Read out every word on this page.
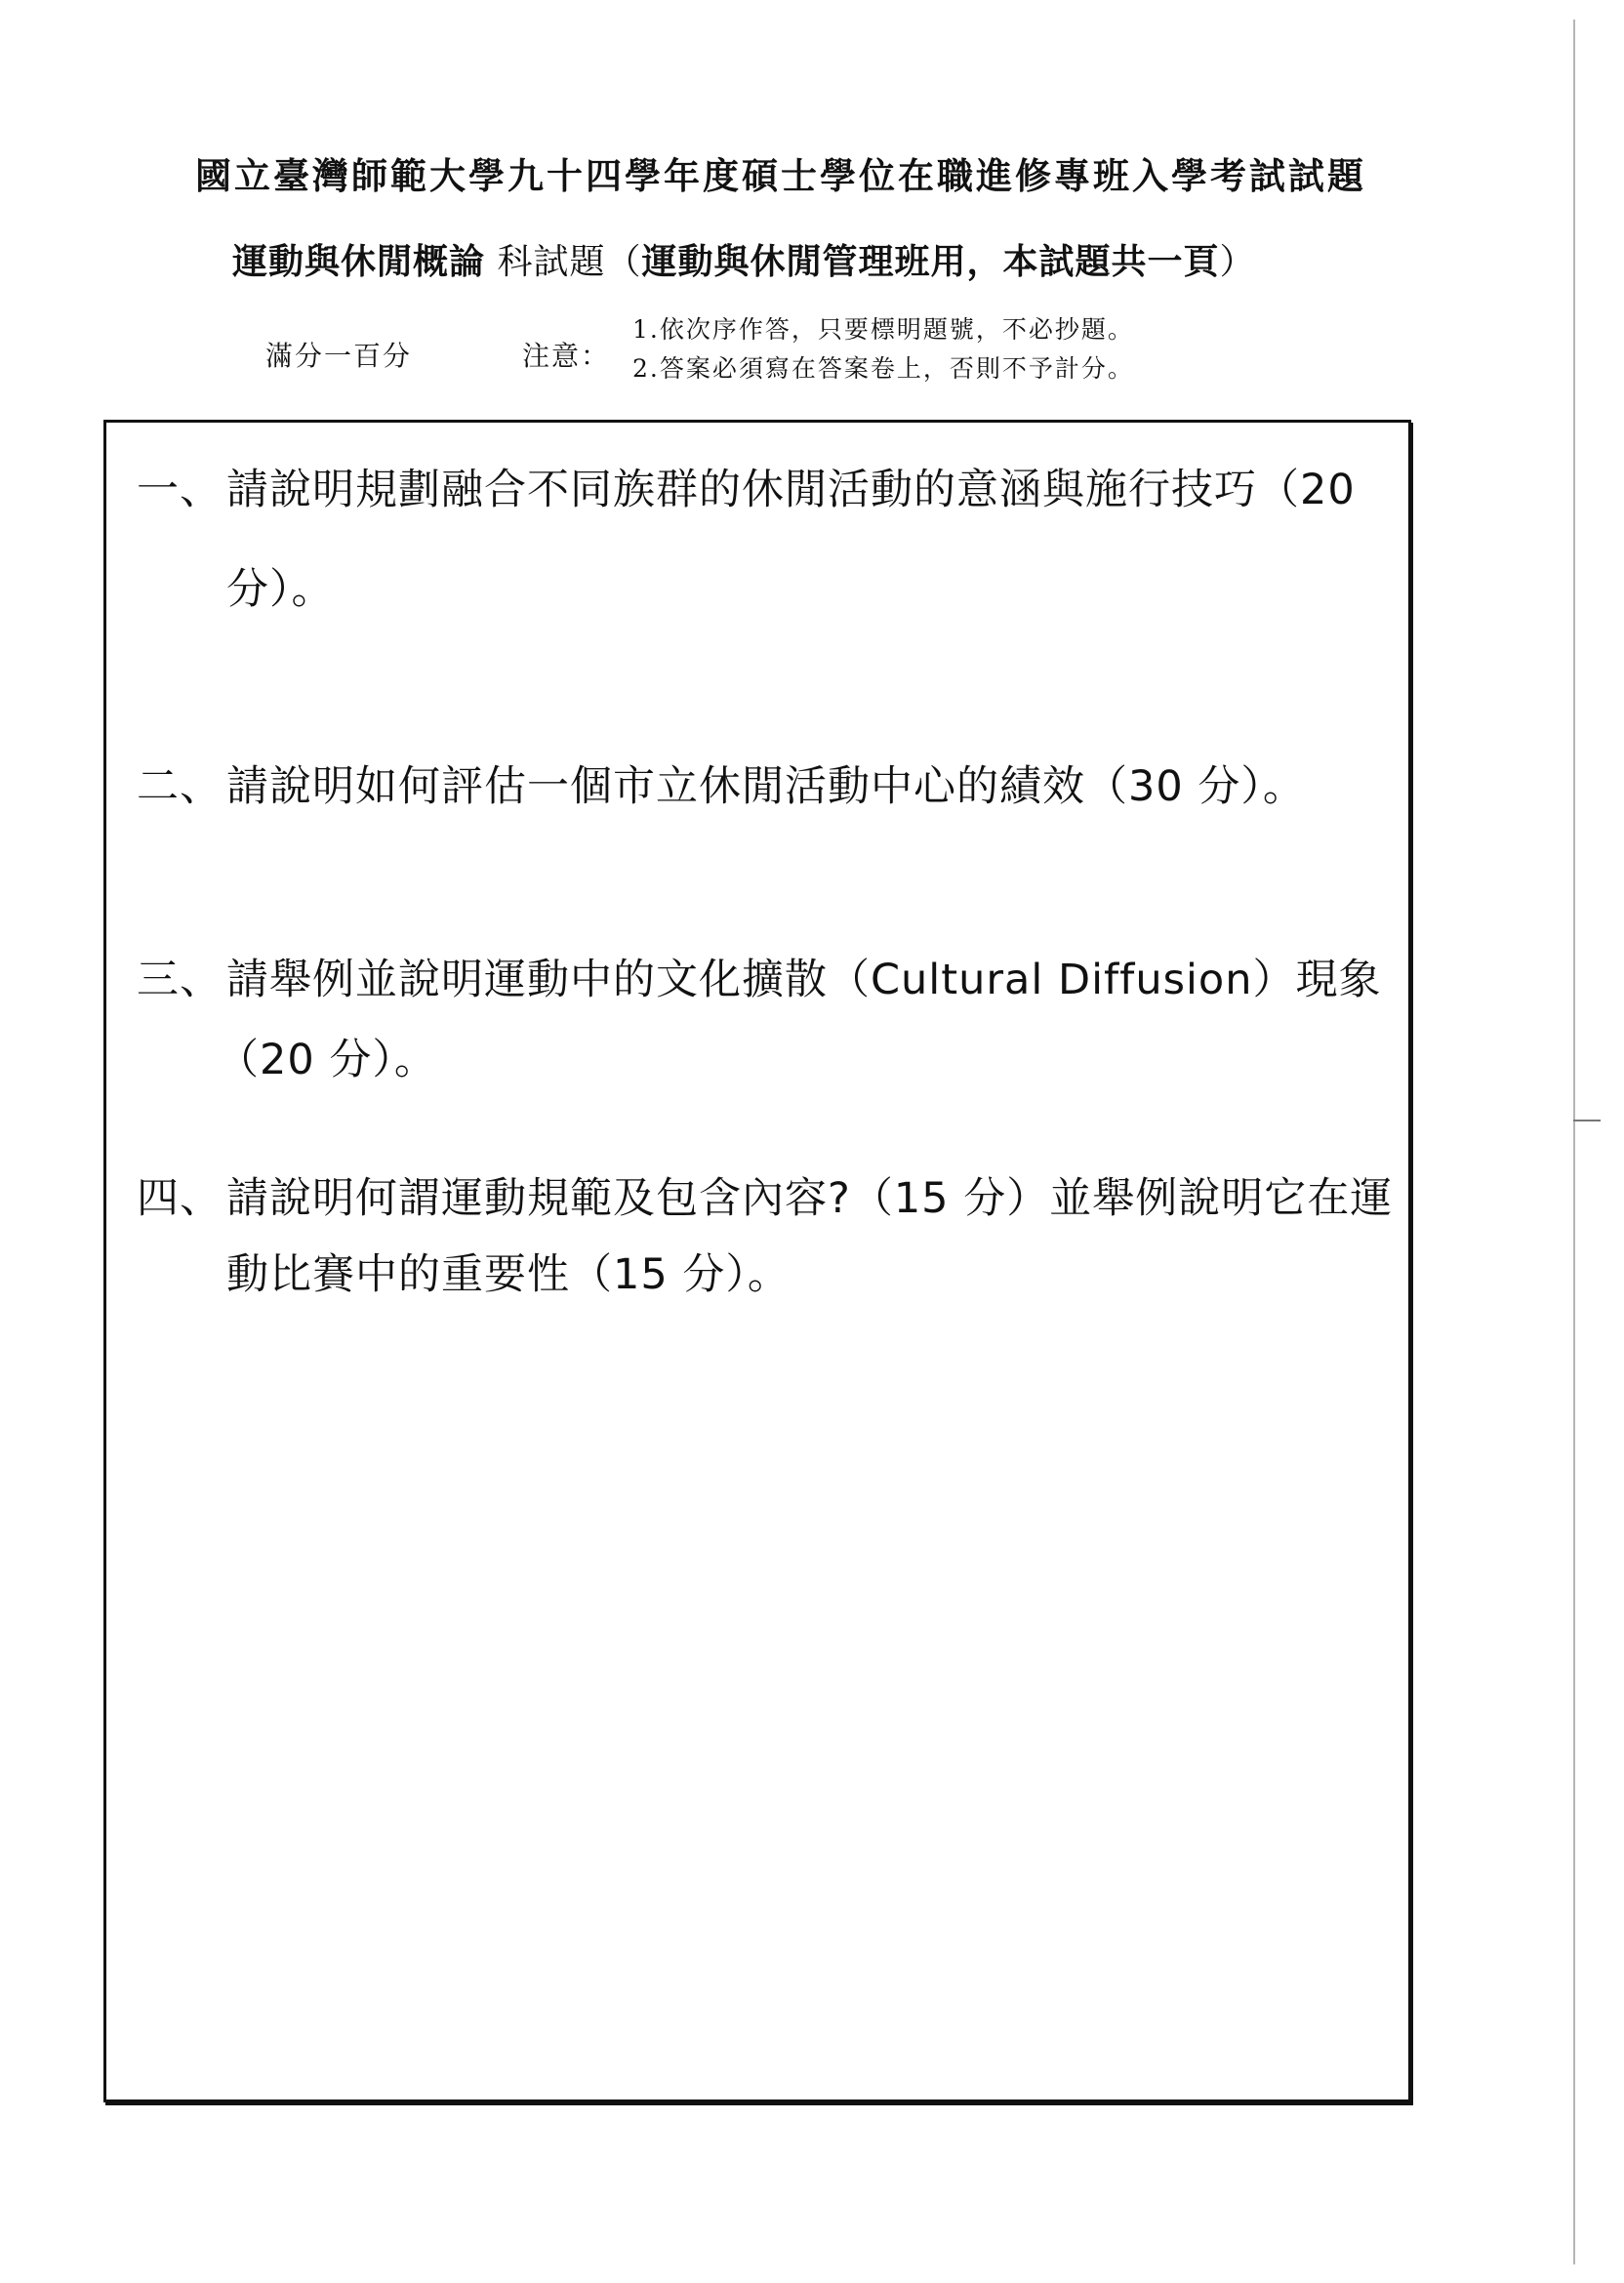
國立臺灣師範大學九十四學年度碩士學位在職進修專班入學考試試題
運動與休閒概論 科試題（運動與休閒管理班用，本試題共一頁）
滿分一百分	注意：
1.依次序作答，只要標明題號，不必抄題。
2.答案必須寫在答案卷上，否則不予計分。
一、請說明規劃融合不同族群的休閒活動的意涵與施行技巧（20
分）。
二、請說明如何評估一個市立休閒活動中心的績效（30 分）。
三、請舉例並說明運動中的文化擴散（Cultural Diffusion）現象
（20 分）。
四、請說明何謂運動規範及包含內容?（15 分）並舉例說明它在運
動比賽中的重要性（15 分）。
